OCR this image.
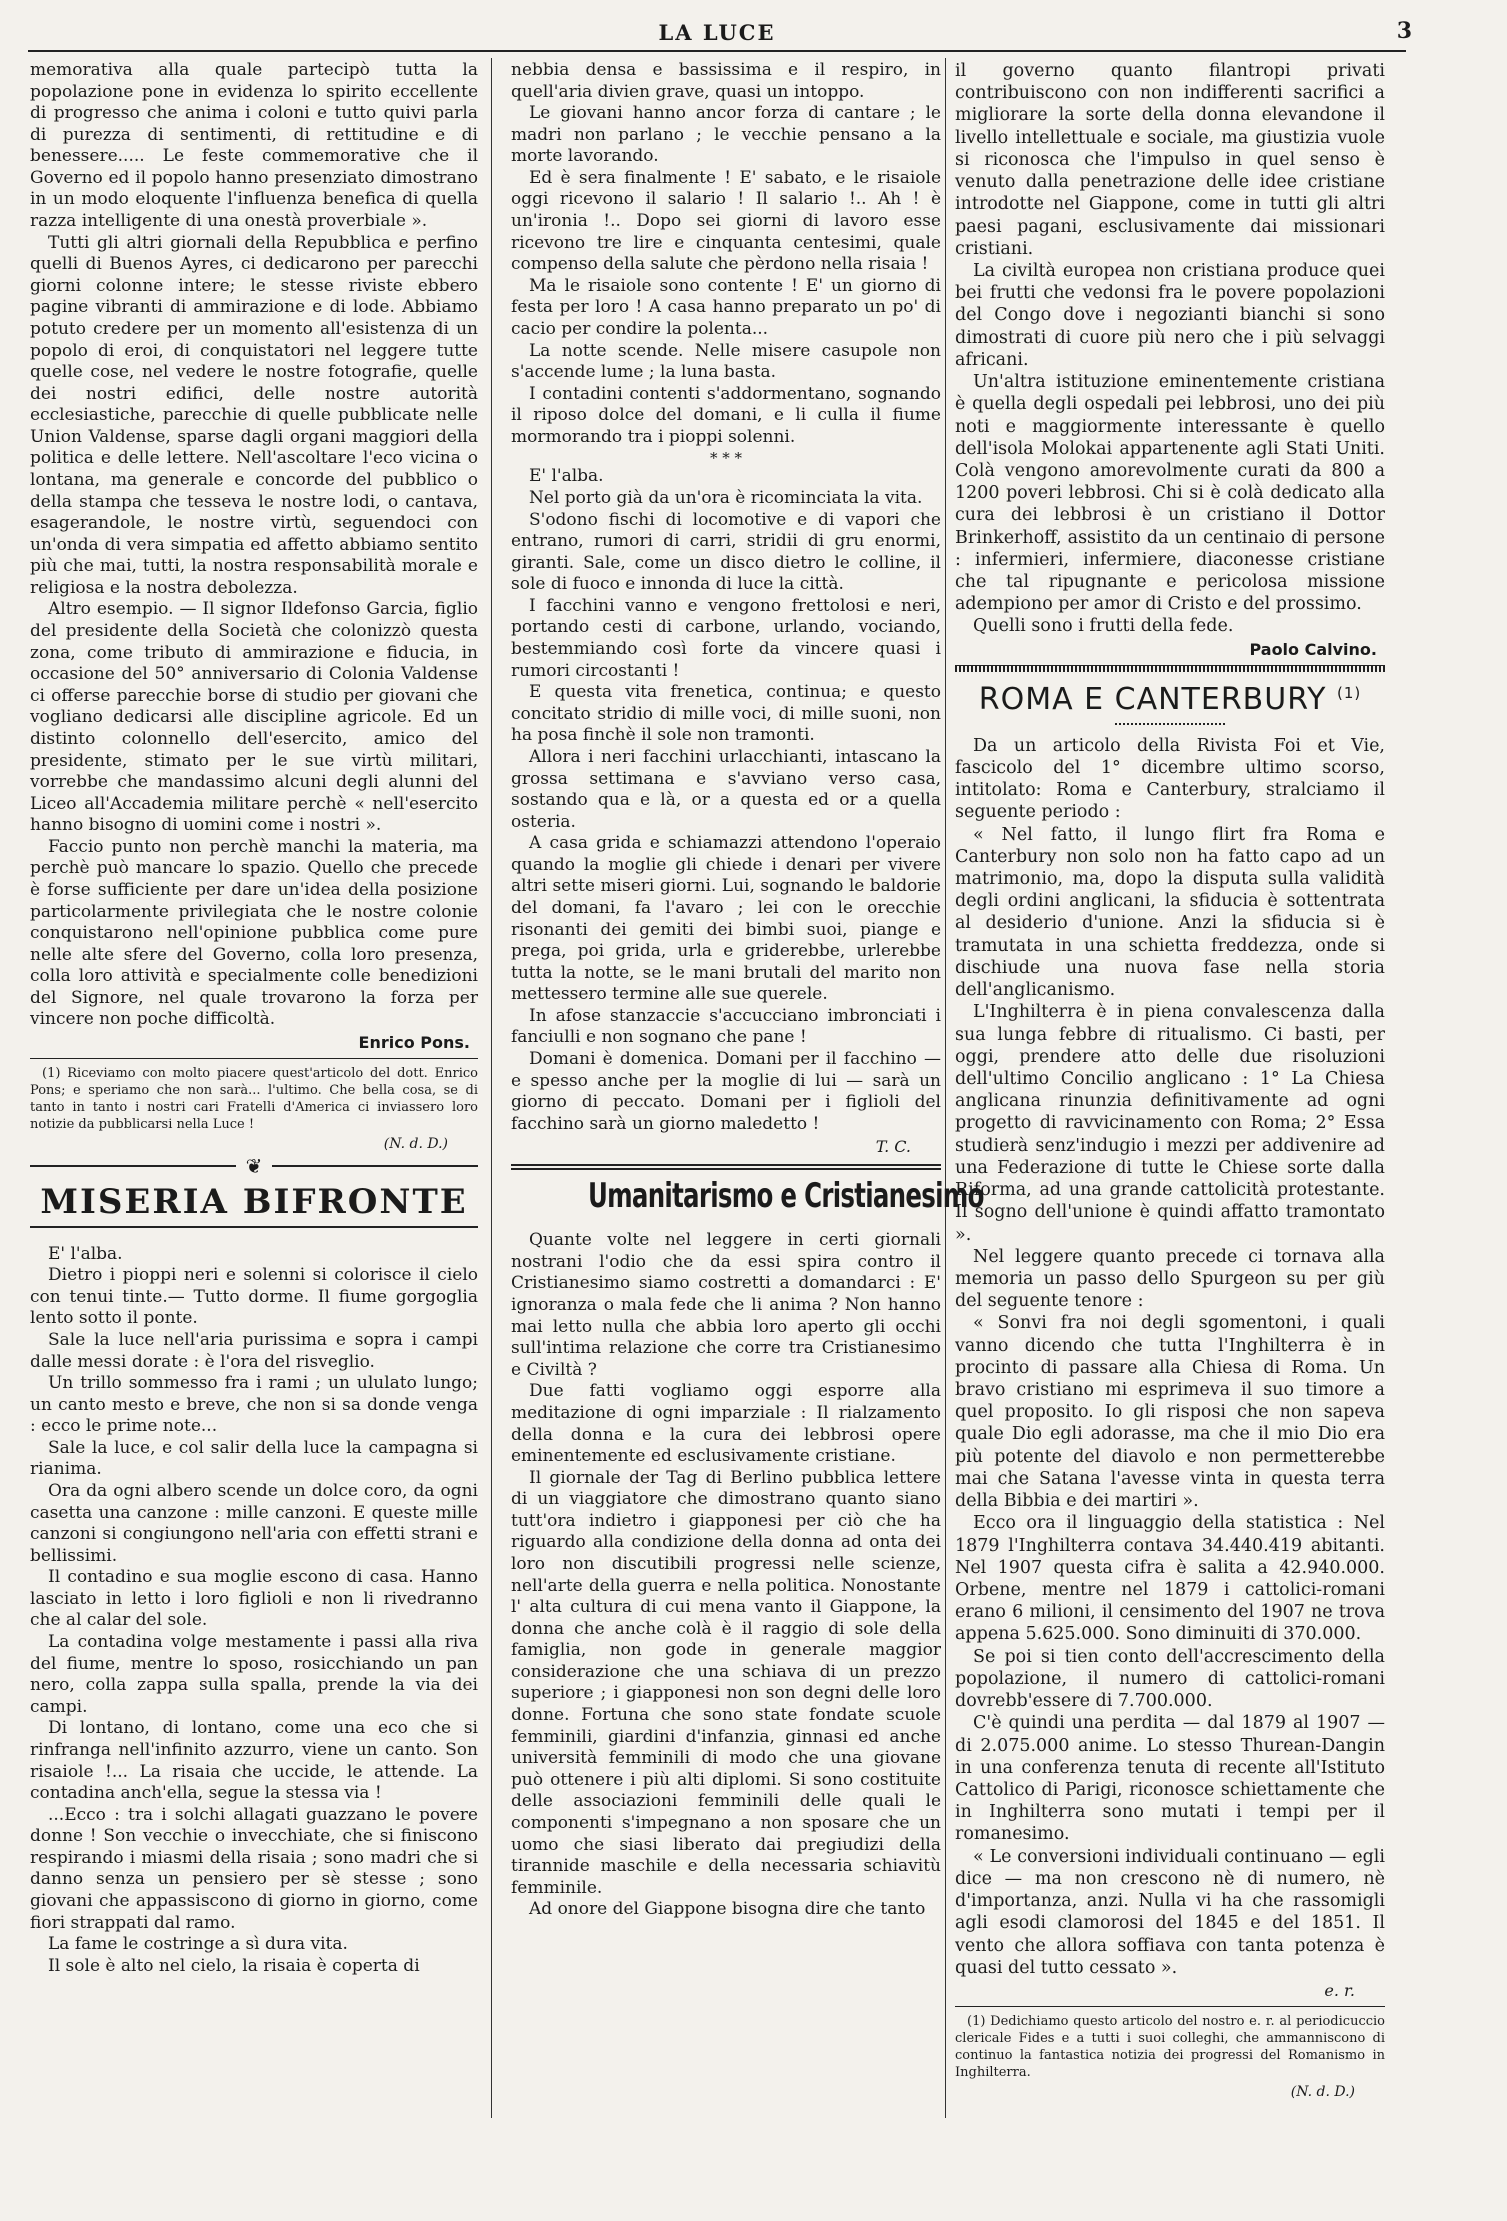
LA LUCE	3

memorativa alla quale partecipò tutta la popolazione pone in evidenza lo spirito eccellente di progresso che anima i coloni e tutto quivi parla di purezza di sentimenti, di rettitudine e di benessere..... Le feste commemorative che il Governo ed il popolo hanno presenziato dimostrano in un modo eloquente l'influenza benefica di quella razza intelligente di una onestà proverbiale ».

Tutti gli altri giornali della Repubblica e perfino quelli di Buenos Ayres, ci dedicarono per parecchi giorni colonne intere; le stesse riviste ebbero pagine vibranti di ammirazione e di lode. Abbiamo potuto credere per un momento all'esistenza di un popolo di eroi, di conquistatori nel leggere tutte quelle cose, nel vedere le nostre fotografie, quelle dei nostri edifici, delle nostre autorità ecclesiastiche, parecchie di quelle pubblicate nelle Union Valdense, sparse dagli organi maggiori della politica e delle lettere. Nell'ascoltare l'eco vicina o lontana, ma generale e concorde del pubblico o della stampa che tesseva le nostre lodi, o cantava, esagerandole, le nostre virtù, seguendoci con un'onda di vera simpatia ed affetto abbiamo sentito più che mai, tutti, la nostra responsabilità morale e religiosa e la nostra debolezza.

Altro esempio. — Il signor Ildefonso Garcia, figlio del presidente della Società che colonizzò questa zona, come tributo di ammirazione e fiducia, in occasione del 50° anniversario di Colonia Valdense ci offerse parecchie borse di studio per giovani che vogliano dedicarsi alle discipline agricole. Ed un distinto colonnello dell'esercito, amico del presidente, stimato per le sue virtù militari, vorrebbe che mandassimo alcuni degli alunni del Liceo all'Accademia militare perchè « nell'esercito hanno bisogno di uomini come i nostri ».

Faccio punto non perchè manchi la materia, ma perchè può mancare lo spazio. Quello che precede è forse sufficiente per dare un'idea della posizione particolarmente privilegiata che le nostre colonie conquistarono nell'opinione pubblica come pure nelle alte sfere del Governo, colla loro presenza, colla loro attività e specialmente colle benedizioni del Signore, nel quale trovarono la forza per vincere non poche difficoltà.

Enrico Pons.

(1) Riceviamo con molto piacere quest'articolo del dott. Enrico Pons; e speriamo che non sarà... l'ultimo. Che bella cosa, se di tanto in tanto i nostri cari Fratelli d'America ci inviassero loro notizie da pubblicarsi nella Luce !

(N. d. D.)
❦
MISERIA BIFRONTE

E' l'alba.

Dietro i pioppi neri e solenni si colorisce il cielo con tenui tinte.— Tutto dorme. Il fiume gorgoglia lento sotto il ponte.

Sale la luce nell'aria purissima e sopra i campi dalle messi dorate : è l'ora del risveglio.

Un trillo sommesso fra i rami ; un ululato lungo; un canto mesto e breve, che non si sa donde venga : ecco le prime note...

Sale la luce, e col salir della luce la campagna si rianima.

Ora da ogni albero scende un dolce coro, da ogni casetta una canzone : mille canzoni. E queste mille canzoni si congiungono nell'aria con effetti strani e bellissimi.

Il contadino e sua moglie escono di casa. Hanno lasciato in letto i loro figlioli e non li rivedranno che al calar del sole.

La contadina volge mestamente i passi alla riva del fiume, mentre lo sposo, rosicchiando un pan nero, colla zappa sulla spalla, prende la via dei campi.

Di lontano, di lontano, come una eco che si rinfranga nell'infinito azzurro, viene un canto. Son risaiole !... La risaia che uccide, le attende. La contadina anch'ella, segue la stessa via !

...Ecco : tra i solchi allagati guazzano le povere donne ! Son vecchie o invecchiate, che si finiscono respirando i miasmi della risaia ; sono madri che si danno senza un pensiero per sè stesse ; sono giovani che appassiscono di giorno in giorno, come fiori strappati dal ramo.

La fame le costringe a sì dura vita.

Il sole è alto nel cielo, la risaia è coperta di

nebbia densa e bassissima e il respiro, in quell'aria divien grave, quasi un intoppo.

Le giovani hanno ancor forza di cantare ; le madri non parlano ; le vecchie pensano a la morte lavorando.

Ed è sera finalmente ! E' sabato, e le risaiole oggi ricevono il salario ! Il salario !.. Ah ! è un'ironia !.. Dopo sei giorni di lavoro esse ricevono tre lire e cinquanta centesimi, quale compenso della salute che pèrdono nella risaia !

Ma le risaiole sono contente ! E' un giorno di festa per loro ! A casa hanno preparato un po' di cacio per condire la polenta...

La notte scende. Nelle misere casupole non s'accende lume ; la luna basta.

I contadini contenti s'addormentano, sognando il riposo dolce del domani, e li culla il fiume mormorando tra i pioppi solenni.

* * *

E' l'alba.

Nel porto già da un'ora è ricominciata la vita.

S'odono fischi di locomotive e di vapori che entrano, rumori di carri, stridii di gru enormi, giranti. Sale, come un disco dietro le colline, il sole di fuoco e innonda di luce la città.

I facchini vanno e vengono frettolosi e neri, portando cesti di carbone, urlando, vociando, bestemmiando così forte da vincere quasi i rumori circostanti !

E questa vita frenetica, continua; e questo concitato stridio di mille voci, di mille suoni, non ha posa finchè il sole non tramonti.

Allora i neri facchini urlacchianti, intascano la grossa settimana e s'avviano verso casa, sostando qua e là, or a questa ed or a quella osteria.

A casa grida e schiamazzi attendono l'operaio quando la moglie gli chiede i denari per vivere altri sette miseri giorni. Lui, sognando le baldorie del domani, fa l'avaro ; lei con le orecchie risonanti dei gemiti dei bimbi suoi, piange e prega, poi grida, urla e griderebbe, urlerebbe tutta la notte, se le mani brutali del marito non mettessero termine alle sue querele.

In afose stanzaccie s'accucciano imbronciati i fanciulli e non sognano che pane !

Domani è domenica. Domani per il facchino — e spesso anche per la moglie di lui — sarà un giorno di peccato. Domani per i figlioli del facchino sarà un giorno maledetto !

T. C.
Umanitarismo e Cristianesimo

Quante volte nel leggere in certi giornali nostrani l'odio che da essi spira contro il Cristianesimo siamo costretti a domandarci : E' ignoranza o mala fede che li anima ? Non hanno mai letto nulla che abbia loro aperto gli occhi sull'intima relazione che corre tra Cristianesimo e Civiltà ?

Due fatti vogliamo oggi esporre alla meditazione di ogni imparziale : Il rialzamento della donna e la cura dei lebbrosi opere eminentemente ed esclusivamente cristiane.

Il giornale der Tag di Berlino pubblica lettere di un viaggiatore che dimostrano quanto siano tutt'ora indietro i giapponesi per ciò che ha riguardo alla condizione della donna ad onta dei loro non discutibili progressi nelle scienze, nell'arte della guerra e nella politica. Nonostante l' alta cultura di cui mena vanto il Giappone, la donna che anche colà è il raggio di sole della famiglia, non gode in generale maggior considerazione che una schiava di un prezzo superiore ; i giapponesi non son degni delle loro donne. Fortuna che sono state fondate scuole femminili, giardini d'infanzia, ginnasi ed anche università femminili di modo che una giovane può ottenere i più alti diplomi. Si sono costituite delle associazioni femminili delle quali le componenti s'impegnano a non sposare che un uomo che siasi liberato dai pregiudizi della tirannide maschile e della necessaria schiavitù femminile.

Ad onore del Giappone bisogna dire che tanto

il governo quanto filantropi privati contribuiscono con non indifferenti sacrifici a migliorare la sorte della donna elevandone il livello intellettuale e sociale, ma giustizia vuole si riconosca che l'impulso in quel senso è venuto dalla penetrazione delle idee cristiane introdotte nel Giappone, come in tutti gli altri paesi pagani, esclusivamente dai missionari cristiani.

La civiltà europea non cristiana produce quei bei frutti che vedonsi fra le povere popolazioni del Congo dove i negozianti bianchi si sono dimostrati di cuore più nero che i più selvaggi africani.

Un'altra istituzione eminentemente cristiana è quella degli ospedali pei lebbrosi, uno dei più noti e maggiormente interessante è quello dell'isola Molokai appartenente agli Stati Uniti. Colà vengono amorevolmente curati da 800 a 1200 poveri lebbrosi. Chi si è colà dedicato alla cura dei lebbrosi è un cristiano il Dottor Brinkerhoff, assistito da un centinaio di persone : infermieri, infermiere, diaconesse cristiane che tal ripugnante e pericolosa missione adempiono per amor di Cristo e del prossimo.

Quelli sono i frutti della fede.

Paolo Calvino.
ROMA E CANTERBURY $^{(1)}$

Da un articolo della Rivista Foi et Vie, fascicolo del 1° dicembre ultimo scorso, intitolato: Roma e Canterbury, stralciamo il seguente periodo :

« Nel fatto, il lungo flirt fra Roma e Canterbury non solo non ha fatto capo ad un matrimonio, ma, dopo la disputa sulla validità degli ordini anglicani, la sfiducia è sottentrata al desiderio d'unione. Anzi la sfiducia si è tramutata in una schietta freddezza, onde si dischiude una nuova fase nella storia dell'anglicanismo.

L'Inghilterra è in piena convalescenza dalla sua lunga febbre di ritualismo. Ci basti, per oggi, prendere atto delle due risoluzioni dell'ultimo Concilio anglicano : 1° La Chiesa anglicana rinunzia definitivamente ad ogni progetto di ravvicinamento con Roma; 2° Essa studierà senz'indugio i mezzi per addivenire ad una Federazione di tutte le Chiese sorte dalla Riforma, ad una grande cattolicità protestante. Il sogno dell'unione è quindi affatto tramontato ».

Nel leggere quanto precede ci tornava alla memoria un passo dello Spurgeon su per giù del seguente tenore :

« Sonvi fra noi degli sgomentoni, i quali vanno dicendo che tutta l'Inghilterra è in procinto di passare alla Chiesa di Roma. Un bravo cristiano mi esprimeva il suo timore a quel proposito. Io gli risposi che non sapeva quale Dio egli adorasse, ma che il mio Dio era più potente del diavolo e non permetterebbe mai che Satana l'avesse vinta in questa terra della Bibbia e dei martiri ».

Ecco ora il linguaggio della statistica : Nel 1879 l'Inghilterra contava 34.440.419 abitanti. Nel 1907 questa cifra è salita a 42.940.000. Orbene, mentre nel 1879 i cattolici-romani erano 6 milioni, il censimento del 1907 ne trova appena 5.625.000. Sono diminuiti di 370.000.

Se poi si tien conto dell'accrescimento della popolazione, il numero di cattolici-romani dovrebb'essere di 7.700.000.

C'è quindi una perdita — dal 1879 al 1907 — di 2.075.000 anime. Lo stesso Thurean-Dangin in una conferenza tenuta di recente all'Istituto Cattolico di Parigi, riconosce schiettamente che in Inghilterra sono mutati i tempi per il romanesimo.

« Le conversioni individuali continuano — egli dice — ma non crescono nè di numero, nè d'importanza, anzi. Nulla vi ha che rassomigli agli esodi clamorosi del 1845 e del 1851. Il vento che allora soffiava con tanta potenza è quasi del tutto cessato ».

e. r.

(1) Dedichiamo questo articolo del nostro e. r. al periodicuccio clericale Fides e a tutti i suoi colleghi, che ammanniscono di continuo la fantastica notizia dei progressi del Romanismo in Inghilterra.

(N. d. D.)
